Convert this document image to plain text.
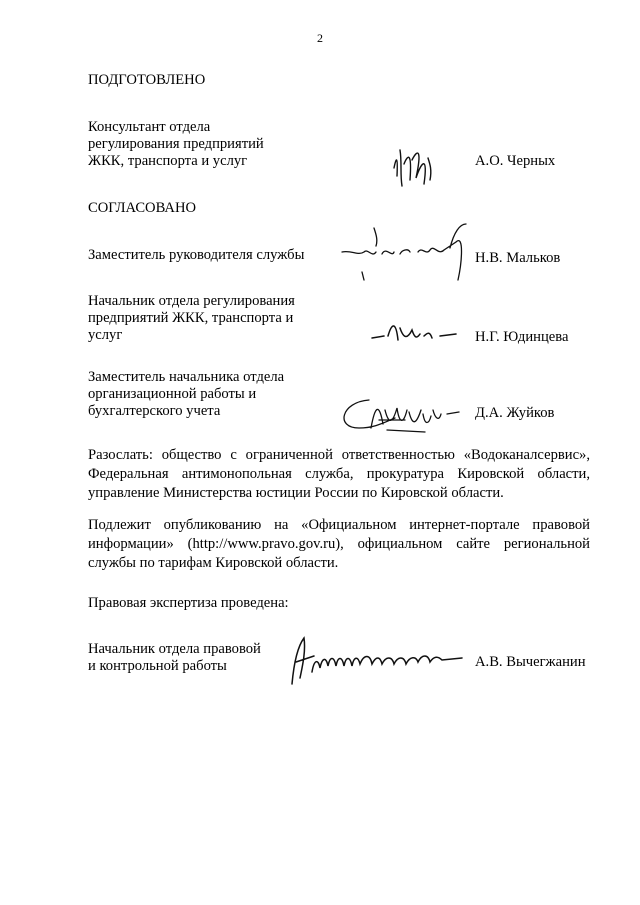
2
ПОДГОТОВЛЕНО
Консультант отдела
регулирования предприятий
ЖКК, транспорта и услуг	А.О. Черных
СОГЛАСОВАНО
Заместитель руководителя службы	Н.В. Мальков
Начальник отдела регулирования
предприятий ЖКК, транспорта и
услуг	Н.Г. Юдинцева
Заместитель начальника отдела
организационной работы и
бухгалтерского учета	Д.А. Жуйков
Разослать: общество с ограниченной ответственностью «Водоканалсервис», Федеральная антимонопольная служба, прокуратура Кировской области, управление Министерства юстиции России по Кировской области.
Подлежит опубликованию на «Официальном интернет-портале правовой информации» (http://www.pravo.gov.ru), официальном сайте региональной службы по тарифам Кировской области.
Правовая экспертиза проведена:
Начальник отдела правовой
и контрольной работы	А.В. Вычегжанин
